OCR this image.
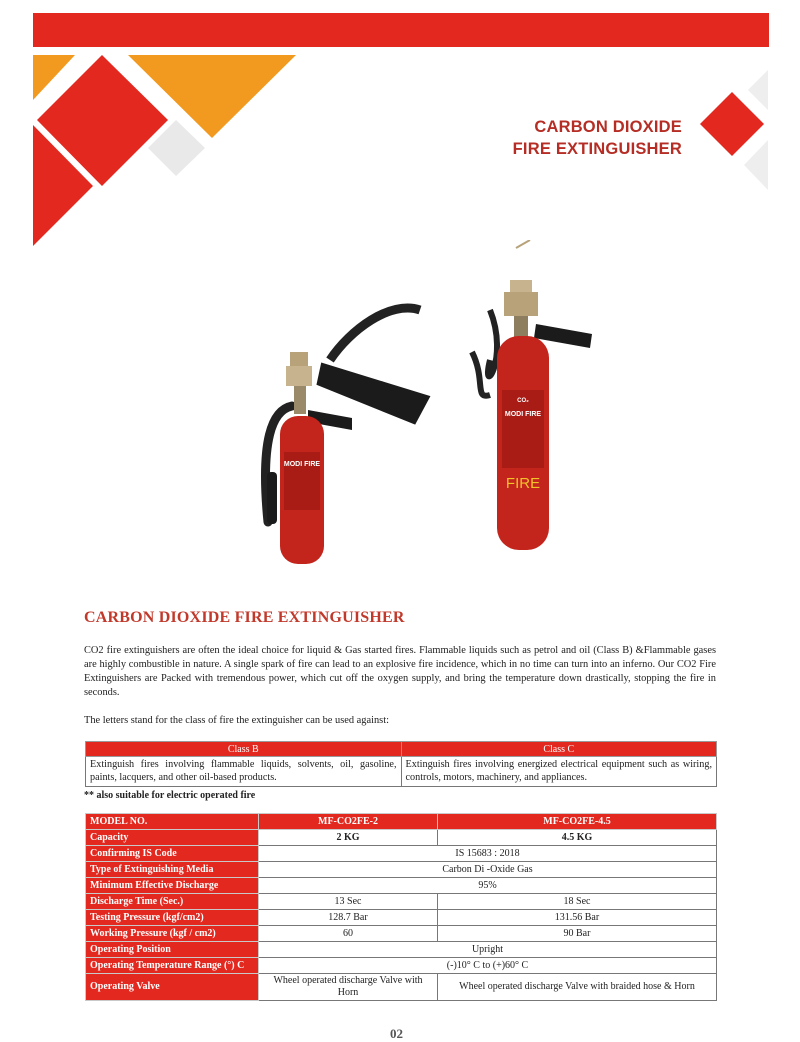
CARBON DIOXIDE
FIRE EXTINGUISHER
MODI FIRE
CO₂
MODI FIRE
FIRE
CARBON DIOXIDE FIRE EXTINGUISHER

CO2 fire extinguishers are often the ideal choice for liquid & Gas started fires. Flammable liquids such as petrol and oil (Class B) &Flammable gases are highly combustible in nature. A single spark of fire can lead to an explosive fire incidence, which in no time can turn into an inferno. Our CO2 Fire Extinguishers are Packed with tremendous power, which cut off the oxygen supply, and bring the temperature down drastically, stopping the fire in seconds.

The letters stand for the class of fire the extinguisher can be used against:

Class B	Class C
Extinguish fires involving flammable liquids, solvents, oil, gasoline, paints, lacquers, and other oil-based products.	Extinguish fires involving energized electrical equipment such as wiring, controls, motors, machinery, and appliances.

** also suitable for electric operated fire

MODEL NO.	MF-CO2FE-2	MF-CO2FE-4.5
Capacity	2 KG	4.5 KG
Confirming IS Code	IS 15683 : 2018	
Type of Extinguishing Media	Carbon Di -Oxide Gas	
Minimum Effective Discharge	95%	
Discharge Time (Sec.)	13 Sec	18 Sec
Testing Pressure (kgf/cm2)	128.7 Bar	131.56 Bar
Working Pressure (kgf / cm2)	60	90 Bar
Operating Position	Upright	
Operating Temperature Range (°) C	(-)10° C to (+)60° C	
Operating Valve	Wheel operated discharge Valve with Horn	Wheel operated discharge Valve with braided hose & Horn
02
